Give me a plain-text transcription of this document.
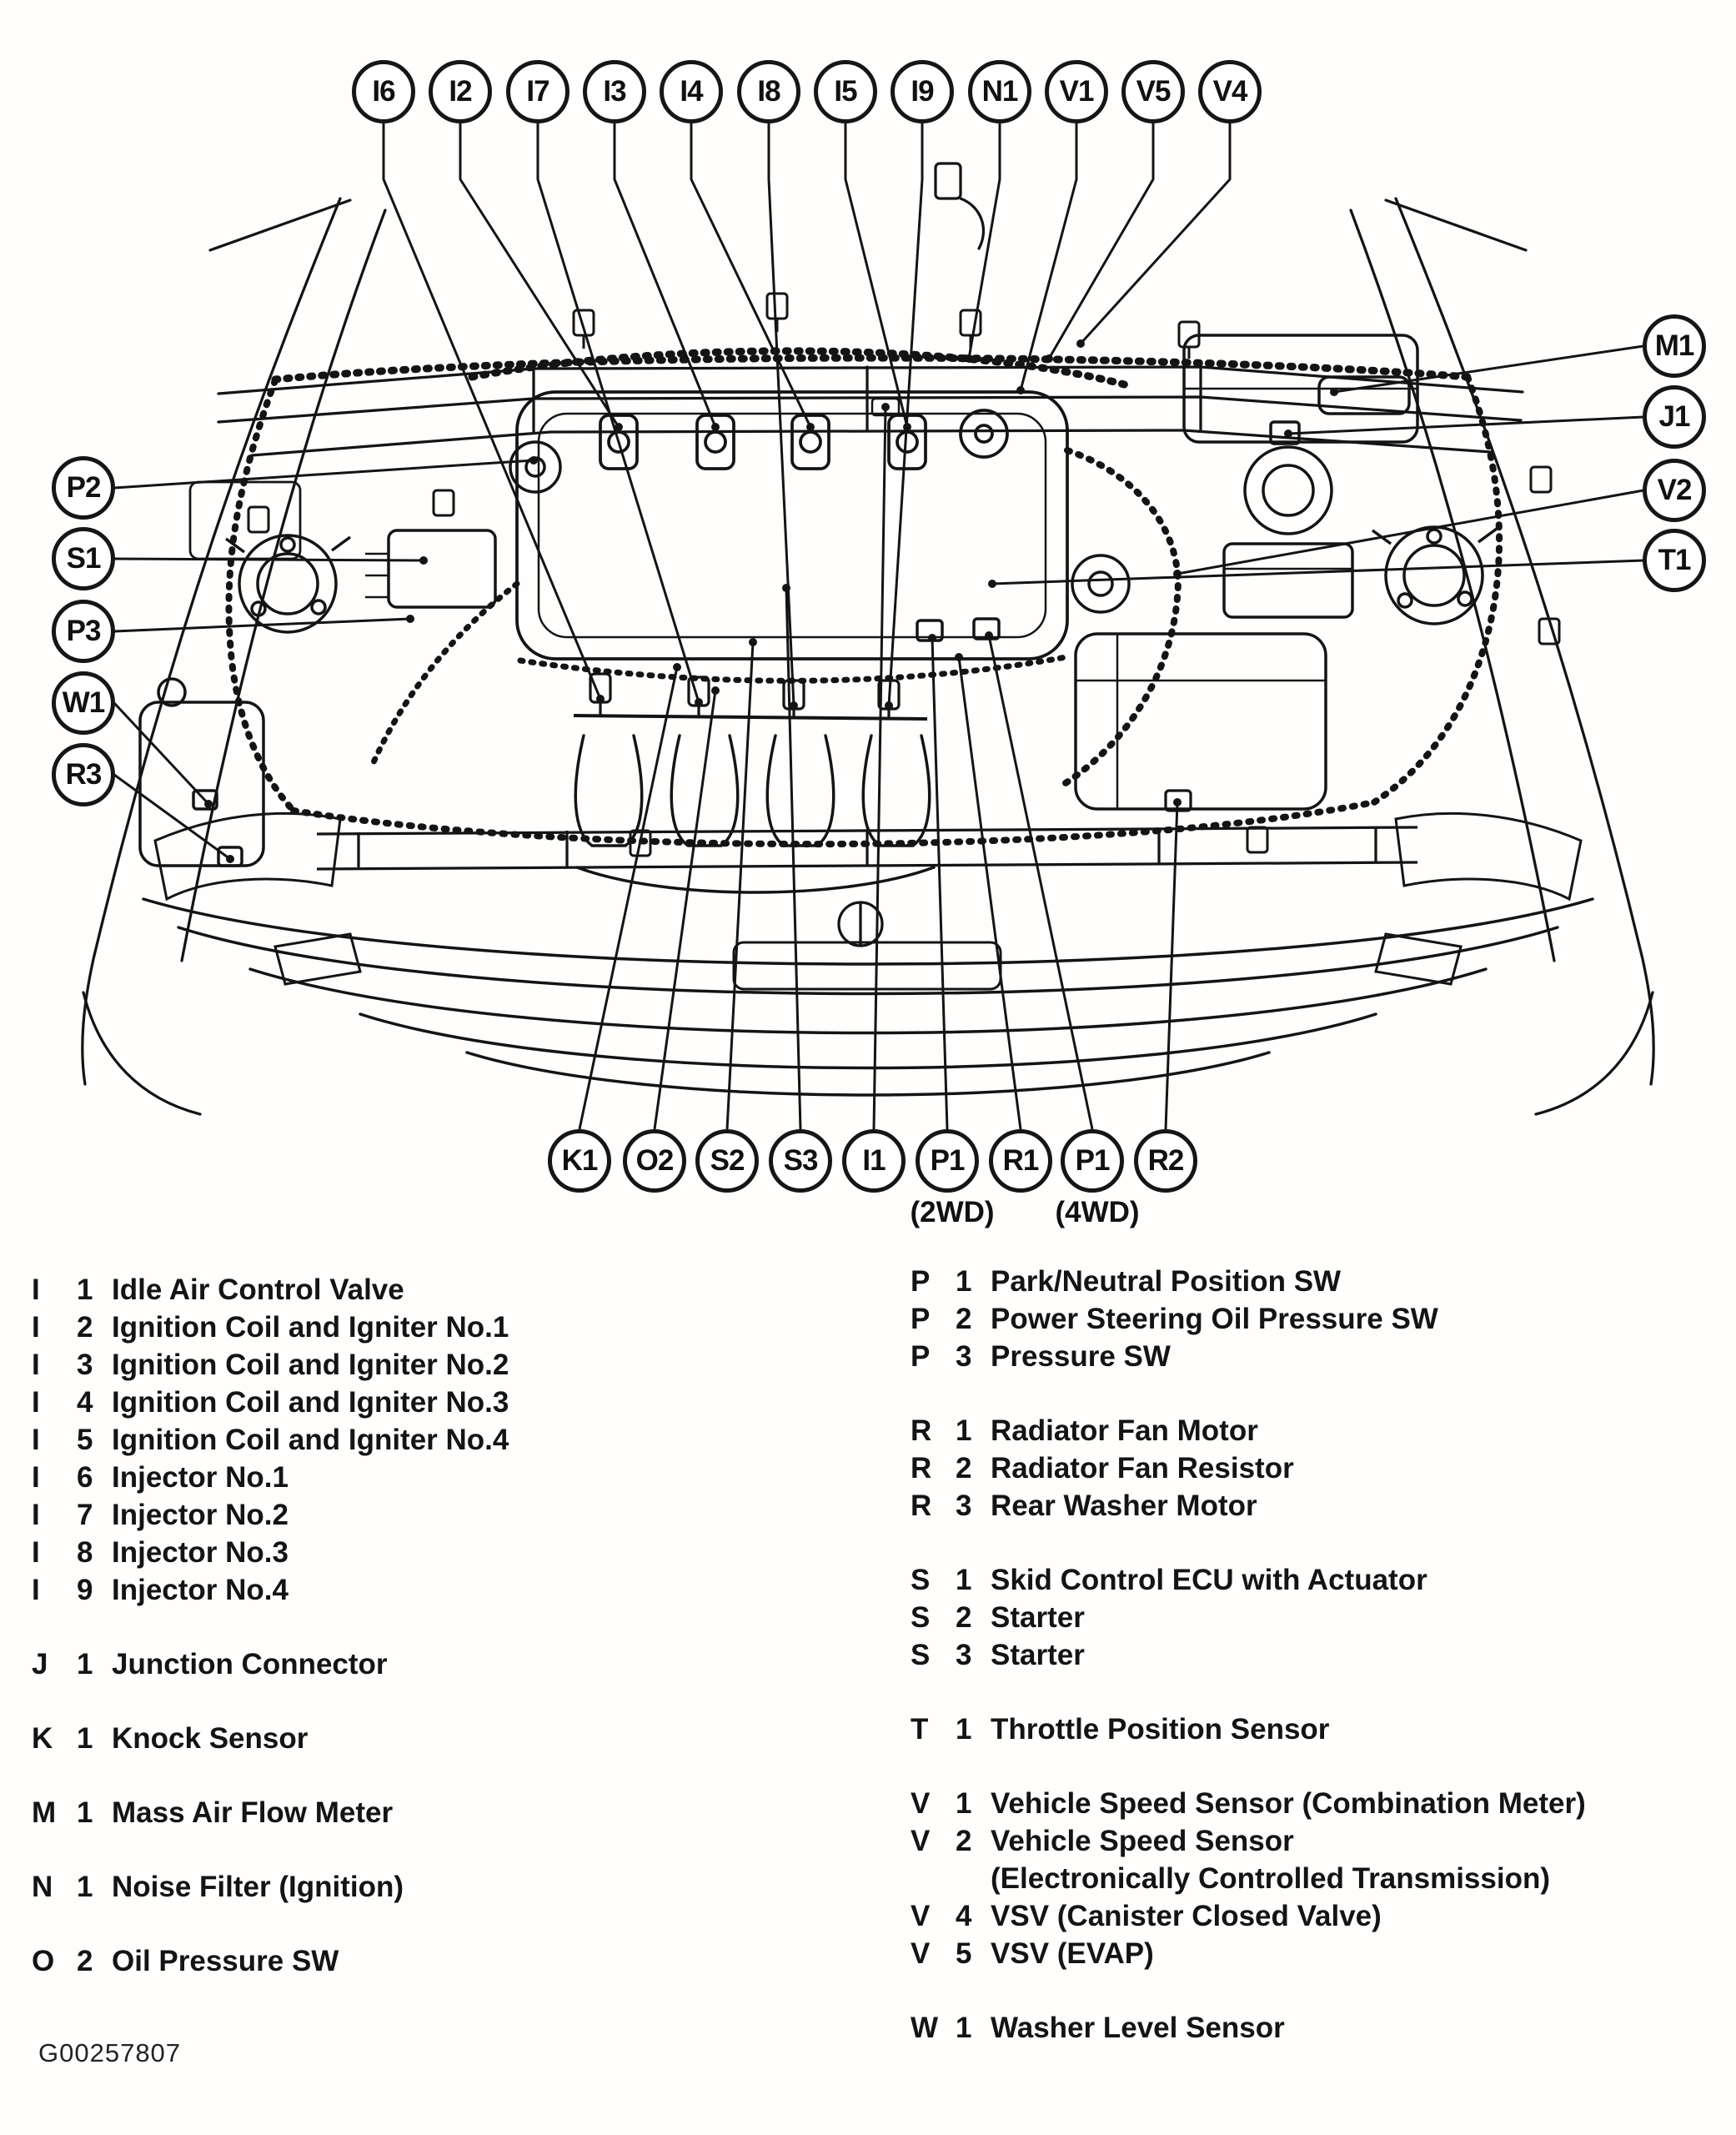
I6	I2	I7	I3	I4	I8	I5	I9	N1	V1	V5	V4
P2
S1
P3
W1
R3
M1
J1
V2
T1
K1	O2	S2	S3	I1	P1	R1	P1	R2
(2WD) (4WD)
I	1 Idle Air Control Valve
I	2 Ignition Coil and Igniter No.1
I	3 Ignition Coil and Igniter No.2
I	4 Ignition Coil and Igniter No.3
I	5 Ignition Coil and Igniter No.4
I	6 Injector No.1
I	7 Injector No.2
I	8 Injector No.3
I	9 Injector No.4
J 1 Junction Connector
K 1 Knock Sensor
M 1 Mass Air Flow Meter
N 1 Noise Filter (Ignition)
O 2 Oil Pressure SW
P 1 Park/Neutral Position SW
P 2 Power Steering Oil Pressure SW
P 3 Pressure SW
R 1 Radiator Fan Motor
R 2 Radiator Fan Resistor
R 3 Rear Washer Motor
S 1 Skid Control ECU with Actuator
S 2 Starter
S 3 Starter
T 1 Throttle Position Sensor
V 1 Vehicle Speed Sensor (Combination Meter)
V 2 Vehicle Speed Sensor
(Electronically Controlled Transmission)
V 4 VSV (Canister Closed Valve)
V 5 VSV (EVAP)
W 1 Washer Level Sensor
G00257807
